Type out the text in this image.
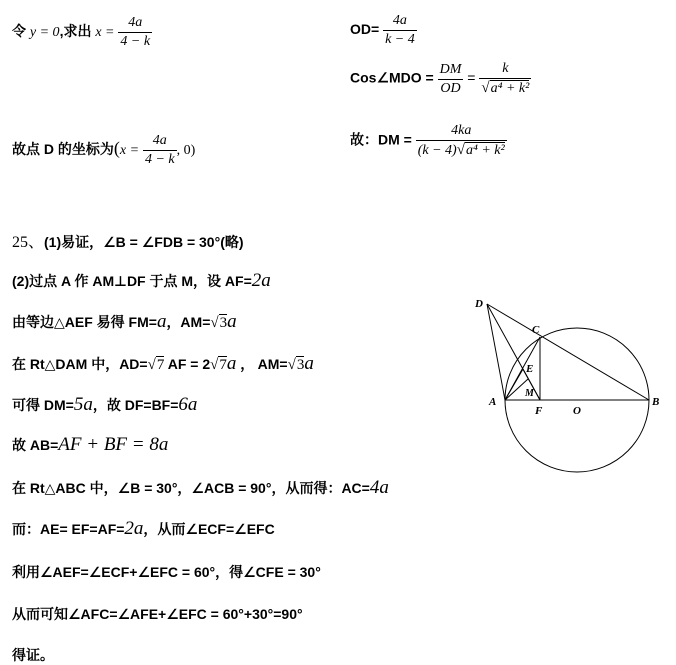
令 y = 0,求出 $x = \frac{4a}{4 - k}$
故点 D 的坐标为($x = \frac{4a}{4 - k}$ , 0)
$OD= \frac{4a}{k - 4}$
Cos∠MDO = $\frac{DM}{OD} = \frac{k}{\text{√a⁴ + k²}}$
故：DM = $\frac{4ka}{\text{(k − 4)√a⁴ + k²}}$
25、(1)易证，∠B = ∠FDB = 30°(略)
(2)过点 A 作 AM⊥DF 于点 M，设 AF=2a
由等边△AEF 易得 FM=a，AM=√3a
在 Rt△DAM 中，AD=√7 AF = 2√7a ， AM=√3a
可得 DM=5a，故 DF=BF=6a
故 AB=AF + BF = 8a
在 Rt△ABC 中，∠B = 30°，∠ACB = 90°，从而得：AC=4a
而：AE= EF=AF=2a，从而∠ECF=∠EFC
利用∠AEF=∠ECF+∠EFC = 60°，得∠CFE = 30°
从而可知∠AFC=∠AFE+∠EFC = 60°+30°=90°
得证。
D
C
E
M
A
F	O
B
